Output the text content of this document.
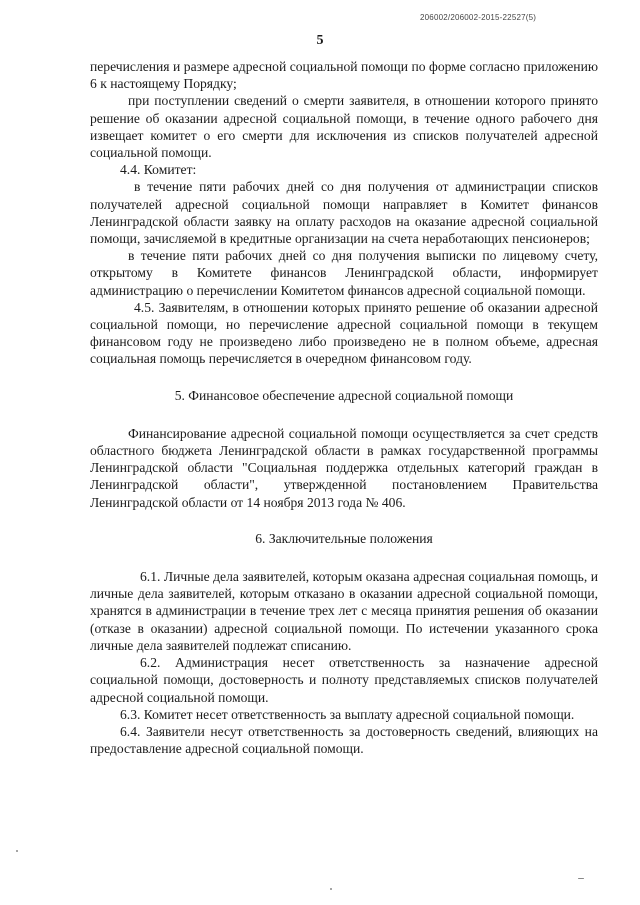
206002/206002-2015-22527(5)
5

перечисления и размере адресной социальной помощи по форме согласно приложению 6 к настоящему Порядку;

при поступлении сведений о смерти заявителя, в отношении которого принято решение об оказании адресной социальной помощи, в течение одного рабочего дня извещает комитет о его смерти для исключения из списков получателей адресной социальной помощи.

4.4. Комитет:

в течение пяти рабочих дней со дня получения от администрации списков получателей адресной социальной помощи направляет в Комитет финансов Ленинградской области заявку на оплату расходов на оказание адресной социальной помощи, зачисляемой в кредитные организации на счета неработающих пенсионеров;

в течение пяти рабочих дней со дня получения выписки по лицевому счету, открытому в Комитете финансов Ленинградской области, информирует администрацию о перечислении Комитетом финансов адресной социальной помощи.

4.5. Заявителям, в отношении которых принято решение об оказании адресной социальной помощи, но перечисление адресной социальной помощи в текущем финансовом году не произведено либо произведено не в полном объеме, адресная социальная помощь перечисляется в очередном финансовом году.

5. Финансовое обеспечение адресной социальной помощи

Финансирование адресной социальной помощи осуществляется за счет средств областного бюджета Ленинградской области в рамках государственной программы Ленинградской области "Социальная поддержка отдельных категорий граждан в Ленинградской области", утвержденной постановлением Правительства Ленинградской области от 14 ноября 2013 года № 406.

6. Заключительные положения

6.1. Личные дела заявителей, которым оказана адресная социальная помощь, и личные дела заявителей, которым отказано в оказании адресной социальной помощи, хранятся в администрации в течение трех лет с месяца принятия решения об оказании (отказе в оказании) адресной социальной помощи. По истечении указанного срока личные дела заявителей подлежат списанию.

6.2. Администрация несет ответственность за назначение адресной социальной помощи, достоверность и полноту представляемых списков получателей адресной социальной помощи.

6.3. Комитет несет ответственность за выплату адресной социальной помощи.

6.4. Заявители несут ответственность за достоверность сведений, влияющих на предоставление адресной социальной помощи.
